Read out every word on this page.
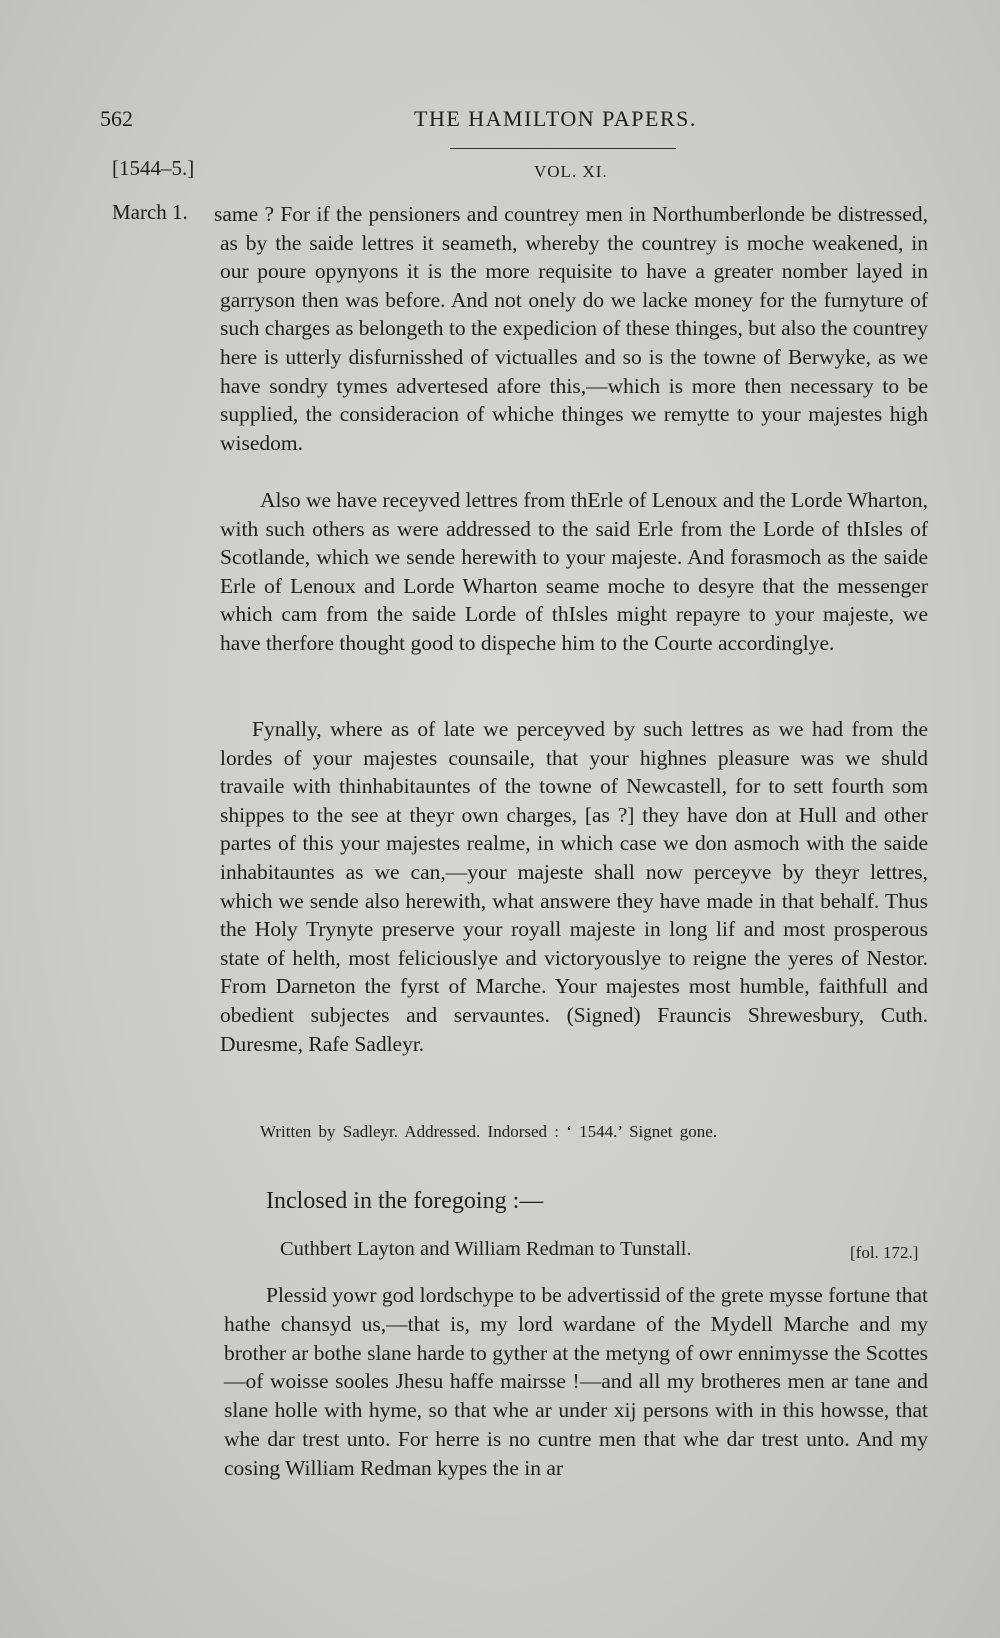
562	THE HAMILTON PAPERS.
[1544–5.]	VOL. XI.
March 1. same ? For if the pensioners and countrey men in Northumberlonde be distressed, as by the saide lettres it seameth, whereby the countrey is moche weakened, in our poure opynyons it is the more requisite to have a greater nomber layed in garryson then was before. And not onely do we lacke money for the furnyture of such charges as belongeth to the expedicion of these thinges, but also the countrey here is utterly disfurnisshed of victualles and so is the towne of Berwyke, as we have sondry tymes advertesed afore this,—which is more then necessary to be supplied, the consideracion of whiche thinges we remytte to your majestes high wisedom.

Also we have receyved lettres from thErle of Lenoux and the Lorde Wharton, with such others as were addressed to the said Erle from the Lorde of thIsles of Scotlande, which we sende herewith to your majeste. And forasmoch as the saide Erle of Lenoux and Lorde Wharton seame moche to desyre that the messenger which cam from the saide Lorde of thIsles might repayre to your majeste, we have therfore thought good to dispeche him to the Courte accordinglye.

Fynally, where as of late we perceyved by such lettres as we had from the lordes of your majestes counsaile, that your highnes pleasure was we shuld travaile with thinhabitauntes of the towne of Newcastell, for to sett fourth som shippes to the see at theyr own charges, [as ?] they have don at Hull and other partes of this your majestes realme, in which case we don asmoch with the saide inhabitauntes as we can,—your majeste shall now perceyve by theyr lettres, which we sende also herewith, what answere they have made in that behalf. Thus the Holy Trynyte preserve your royall majeste in long lif and most prosperous state of helth, most feliciouslye and victoryouslye to reigne the yeres of Nestor. From Darneton the fyrst of Marche. Your majestes most humble, faithfull and obedient subjectes and servauntes. (Signed) Frauncis Shrewesbury, Cuth. Duresme, Rafe Sadleyr.

Written by Sadleyr. Addressed. Indorsed : ‘ 1544.’ Signet gone.
Inclosed in the foregoing :—
Cuthbert Layton and William Redman to Tunstall.	[fol. 172.]

Plessid yowr god lordschype to be advertissid of the grete mysse fortune that hathe chansyd us,—that is, my lord wardane of the Mydell Marche and my brother ar bothe slane harde to gyther at the metyng of owr ennimysse the Scottes—of woisse sooles Jhesu haffe mairsse !—and all my brotheres men ar tane and slane holle with hyme, so that whe ar under xij persons with in this howsse, that whe dar trest unto. For herre is no cuntre men that whe dar trest unto. And my cosing William Redman kypes the in ar
